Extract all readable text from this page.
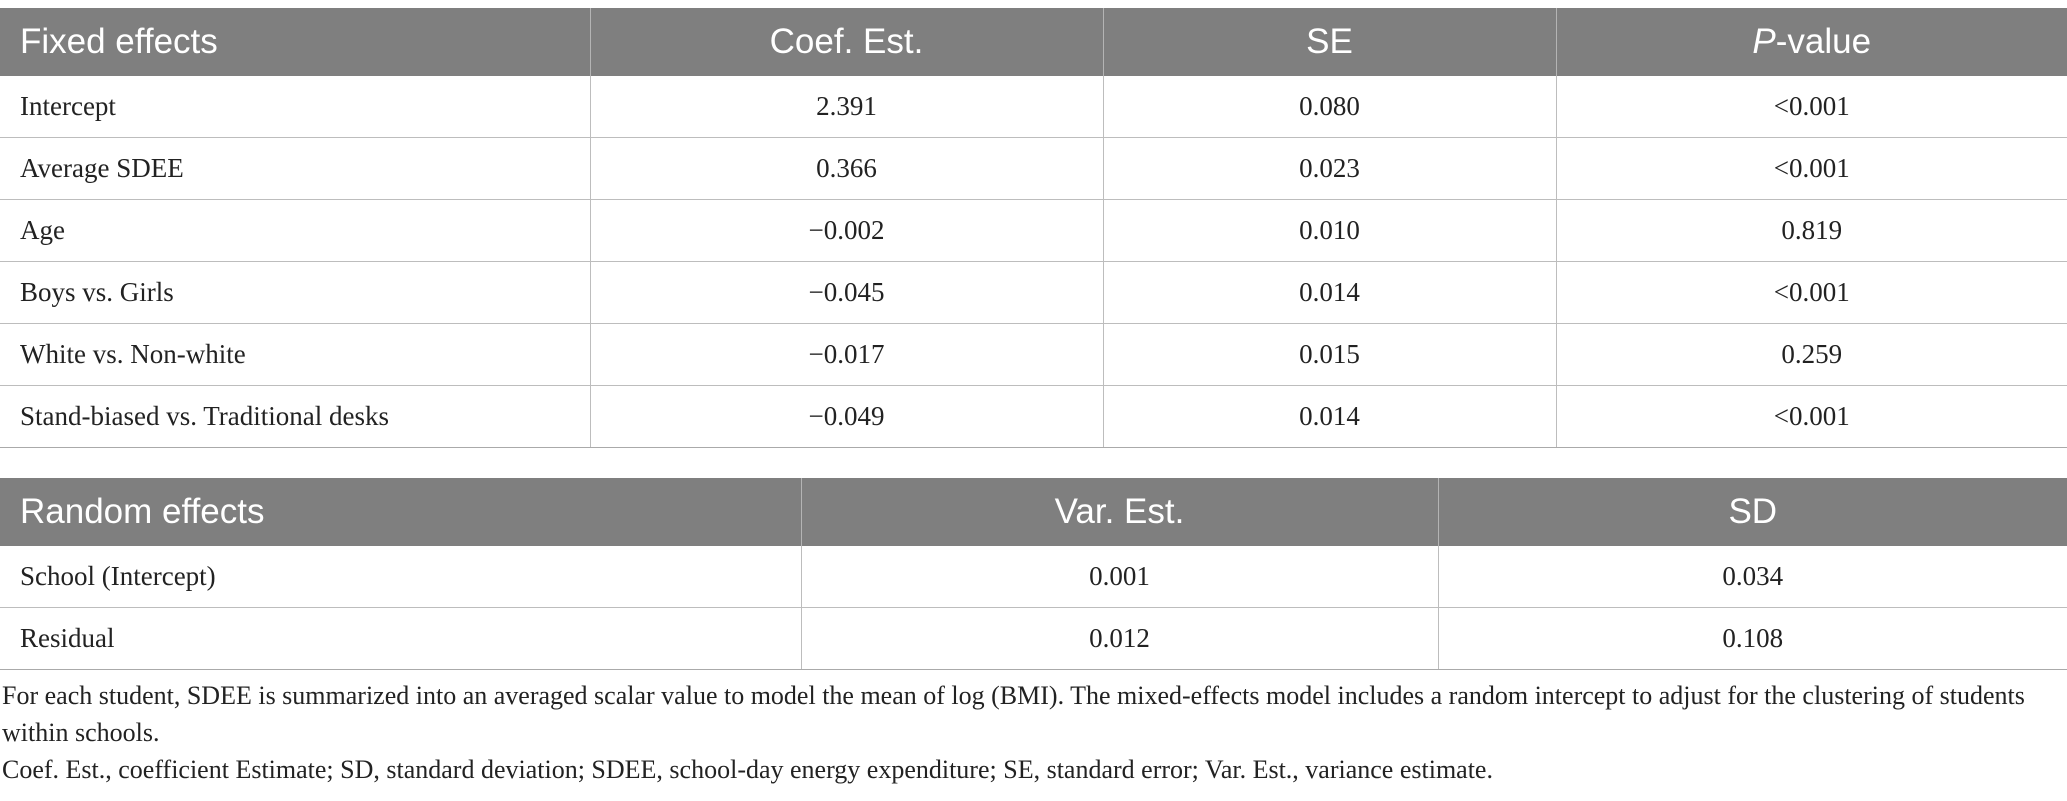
Fixed effects	Coef. Est.	SE	P-value
Intercept	2.391	0.080	<0.001
Average SDEE	0.366	0.023	<0.001
Age	−0.002	0.010	0.819
Boys vs. Girls	−0.045	0.014	<0.001
White vs. Non-white	−0.017	0.015	0.259
Stand-biased vs. Traditional desks	−0.049	0.014	<0.001
Random effects	Var. Est.	SD
School (Intercept)	0.001	0.034
Residual	0.012	0.108

For each student, SDEE is summarized into an averaged scalar value to model the mean of log (BMI). The mixed-effects model includes a random intercept to adjust for the clustering of students within schools.

Coef. Est., coefficient Estimate; SD, standard deviation; SDEE, school-day energy expenditure; SE, standard error; Var. Est., variance estimate.
